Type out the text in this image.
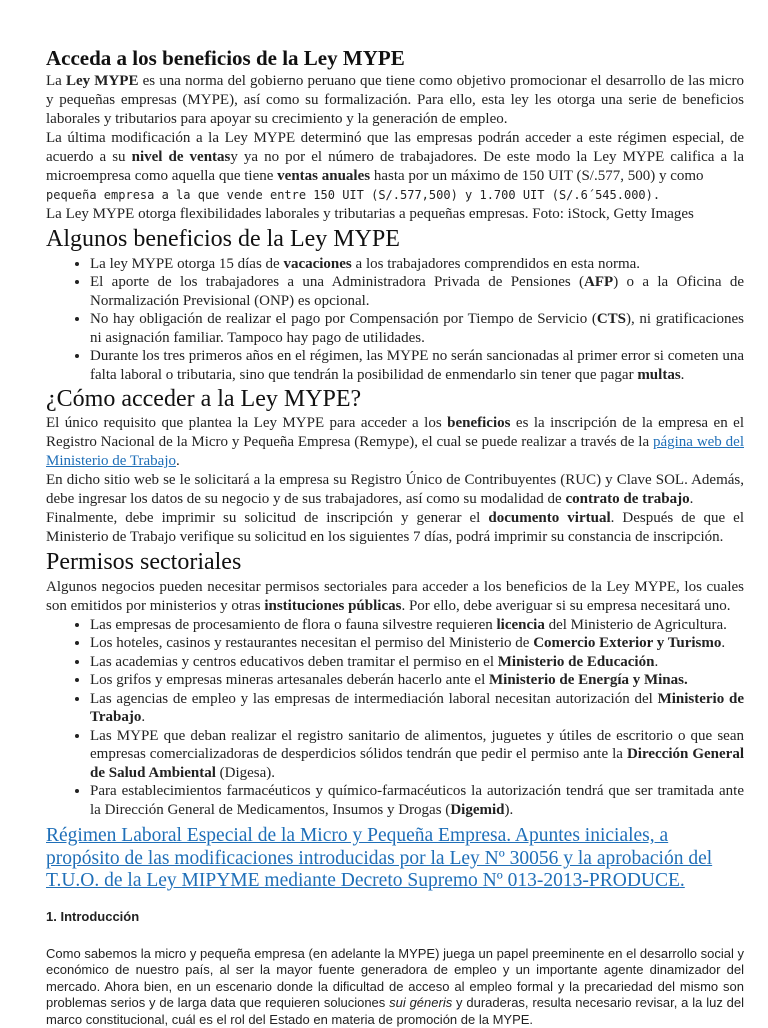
Acceda a los beneficios de la Ley MYPE

La Ley MYPE es una norma del gobierno peruano que tiene como objetivo promocionar el desarrollo de las micro y pequeñas empresas (MYPE), así como su formalización. Para ello, esta ley les otorga una serie de beneficios laborales y tributarios para apoyar su crecimiento y la generación de empleo.

La última modificación a la Ley MYPE determinó que las empresas podrán acceder a este régimen especial, de acuerdo a su nivel de ventasy ya no por el número de trabajadores. De este modo la Ley MYPE califica a la microempresa como aquella que tiene ventas anuales hasta por un máximo de 150 UIT (S/.577, 500) y como
pequeña empresa a la que vende entre 150 UIT (S/.577,500) y 1.700 UIT (S/.6´545.000).

La Ley MYPE otorga flexibilidades laborales y tributarias a pequeñas empresas. Foto: iStock, Getty Images

Algunos beneficios de la Ley MYPE
• La ley MYPE otorga 15 días de vacaciones a los trabajadores comprendidos en esta norma.
• El aporte de los trabajadores a una Administradora Privada de Pensiones (AFP) o a la Oficina de Normalización Previsional (ONP) es opcional.
• No hay obligación de realizar el pago por Compensación por Tiempo de Servicio (CTS), ni gratificaciones ni asignación familiar. Tampoco hay pago de utilidades.
• Durante los tres primeros años en el régimen, las MYPE no serán sancionadas al primer error si cometen una falta laboral o tributaria, sino que tendrán la posibilidad de enmendarlo sin tener que pagar multas.
¿Cómo acceder a la Ley MYPE?

El único requisito que plantea la Ley MYPE para acceder a los beneficios es la inscripción de la empresa en el Registro Nacional de la Micro y Pequeña Empresa (Remype), el cual se puede realizar a través de la página web del Ministerio de Trabajo.

En dicho sitio web se le solicitará a la empresa su Registro Único de Contribuyentes (RUC) y Clave SOL. Además, debe ingresar los datos de su negocio y de sus trabajadores, así como su modalidad de contrato de trabajo.

Finalmente, debe imprimir su solicitud de inscripción y generar el documento virtual. Después de que el Ministerio de Trabajo verifique su solicitud en los siguientes 7 días, podrá imprimir su constancia de inscripción.

Permisos sectoriales

Algunos negocios pueden necesitar permisos sectoriales para acceder a los beneficios de la Ley MYPE, los cuales son emitidos por ministerios y otras instituciones públicas. Por ello, debe averiguar si su empresa necesitará uno.

• Las empresas de procesamiento de flora o fauna silvestre requieren licencia del Ministerio de Agricultura.
• Los hoteles, casinos y restaurantes necesitan el permiso del Ministerio de Comercio Exterior y Turismo.
• Las academias y centros educativos deben tramitar el permiso en el Ministerio de Educación.
• Los grifos y empresas mineras artesanales deberán hacerlo ante el Ministerio de Energía y Minas.
• Las agencias de empleo y las empresas de intermediación laboral necesitan autorización del Ministerio de Trabajo.
• Las MYPE que deban realizar el registro sanitario de alimentos, juguetes y útiles de escritorio o que sean empresas comercializadoras de desperdicios sólidos tendrán que pedir el permiso ante la Dirección General de Salud Ambiental (Digesa).
• Para establecimientos farmacéuticos y químico-farmacéuticos la autorización tendrá que ser tramitada ante la Dirección General de Medicamentos, Insumos y Drogas (Digemid).
Régimen Laboral Especial de la Micro y Pequeña Empresa. Apuntes iniciales, a propósito de las modificaciones introducidas por la Ley Nº 30056 y la aprobación del T.U.O. de la Ley MIPYME mediante Decreto Supremo Nº 013-2013-PRODUCE.
1. Introducción

Como sabemos la micro y pequeña empresa (en adelante la MYPE) juega un papel preeminente en el desarrollo social y económico de nuestro país, al ser la mayor fuente generadora de empleo y un importante agente dinamizador del mercado. Ahora bien, en un escenario donde la dificultad de acceso al empleo formal y la precariedad del mismo son problemas serios y de larga data que requieren soluciones sui géneris y duraderas, resulta necesario revisar, a la luz del marco constitucional, cuál es el rol del Estado en materia de promoción de la MYPE.
